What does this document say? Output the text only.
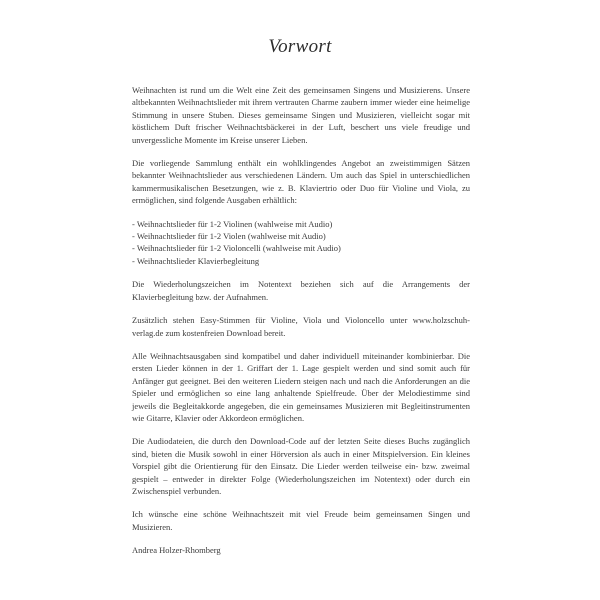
Vorwort

Weihnachten ist rund um die Welt eine Zeit des gemeinsamen Singens und Musizierens. Unsere altbekannten Weihnachtslieder mit ihrem vertrauten Charme zaubern immer wieder eine heimelige Stimmung in unsere Stuben. Dieses gemeinsame Singen und Musizieren, vielleicht sogar mit köstlichem Duft frischer Weihnachtsbäckerei in der Luft, beschert uns viele freudige und unvergessliche Momente im Kreise unserer Lieben.

Die vorliegende Sammlung enthält ein wohlklingendes Angebot an zweistimmigen Sätzen bekannter Weihnachtslieder aus verschiedenen Ländern. Um auch das Spiel in unterschiedlichen kammermusikalischen Besetzungen, wie z. B. Klaviertrio oder Duo für Violine und Viola, zu ermöglichen, sind folgende Ausgaben erhältlich:

- Weihnachtslieder für 1-2 Violinen (wahlweise mit Audio)
- Weihnachtslieder für 1-2 Violen (wahlweise mit Audio)
- Weihnachtslieder für 1-2 Violoncelli (wahlweise mit Audio)
- Weihnachtslieder Klavierbegleitung

Die Wiederholungszeichen im Notentext beziehen sich auf die Arrangements der Klavierbegleitung bzw. der Aufnahmen.

Zusätzlich stehen Easy-Stimmen für Violine, Viola und Violoncello unter www.holzschuh-verlag.de zum kostenfreien Download bereit.

Alle Weihnachtsausgaben sind kompatibel und daher individuell miteinander kombinierbar. Die ersten Lieder können in der 1. Griffart der 1. Lage gespielt werden und sind somit auch für Anfänger gut geeignet. Bei den weiteren Liedern steigen nach und nach die Anforderungen an die Spieler und ermöglichen so eine lang anhaltende Spielfreude. Über der Melodiestimme sind jeweils die Begleitakkorde angegeben, die ein gemeinsames Musizieren mit Begleitinstrumenten wie Gitarre, Klavier oder Akkordeon ermöglichen.

Die Audiodateien, die durch den Download-Code auf der letzten Seite dieses Buchs zugänglich sind, bieten die Musik sowohl in einer Hörversion als auch in einer Mitspielversion. Ein kleines Vorspiel gibt die Orientierung für den Einsatz. Die Lieder werden teilweise ein- bzw. zweimal gespielt – entweder in direkter Folge (Wiederholungszeichen im Notentext) oder durch ein Zwischenspiel verbunden.

Ich wünsche eine schöne Weihnachtszeit mit viel Freude beim gemeinsamen Singen und Musizieren.

Andrea Holzer-Rhomberg
